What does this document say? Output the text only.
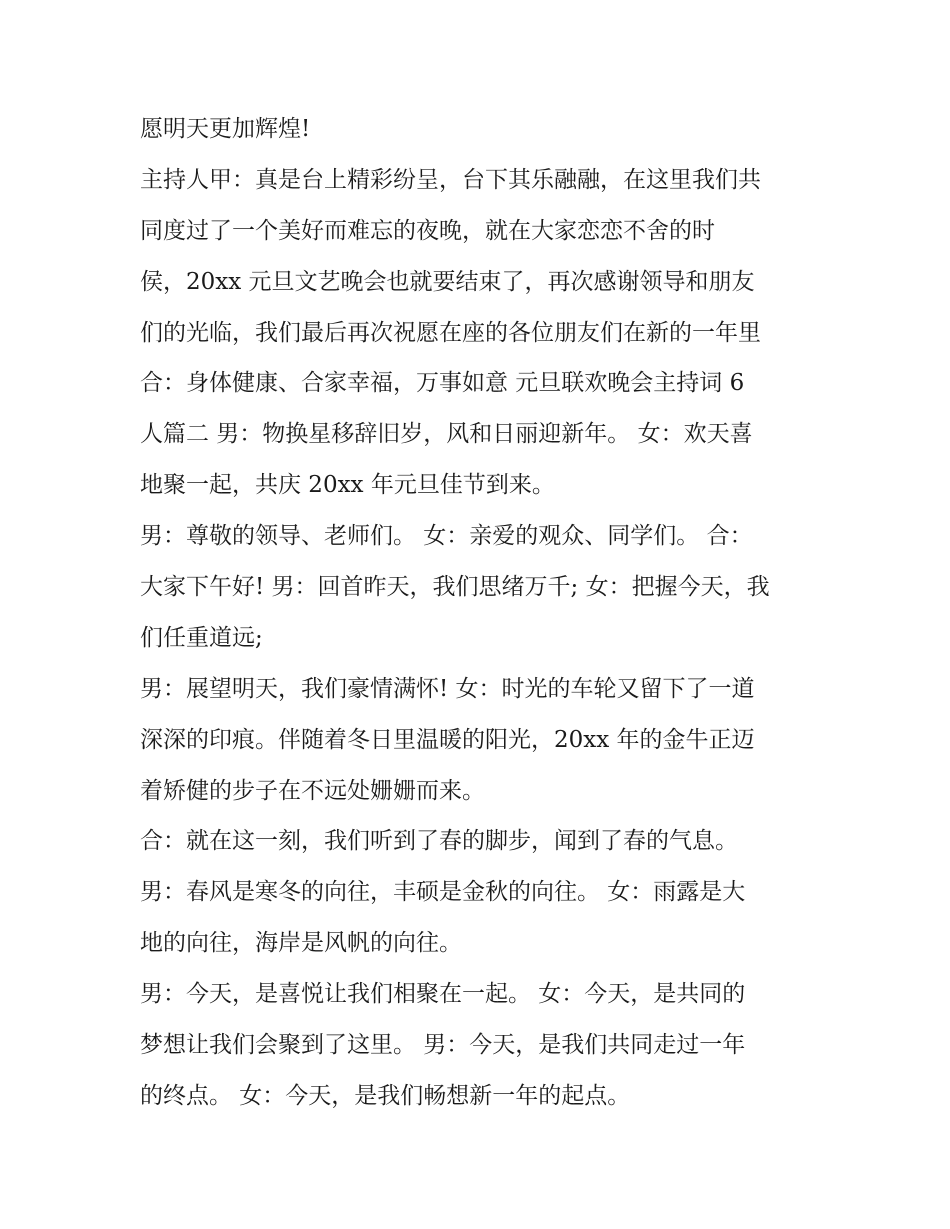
愿明天更加辉煌!
主持人甲：真是台上精彩纷呈，台下其乐融融，在这里我们共
同度过了一个美好而难忘的夜晚，就在大家恋恋不舍的时
侯，20xx 元旦文艺晚会也就要结束了，再次感谢领导和朋友
们的光临，我们最后再次祝愿在座的各位朋友们在新的一年里
合：身体健康、合家幸福，万事如意 元旦联欢晚会主持词 6
人篇二 男：物换星移辞旧岁，风和日丽迎新年。 女：欢天喜
地聚一起，共庆 20xx 年元旦佳节到来。
男：尊敬的领导、老师们。 女：亲爱的观众、同学们。 合：
大家下午好! 男：回首昨天，我们思绪万千; 女：把握今天，我
们任重道远;
男：展望明天，我们豪情满怀! 女：时光的车轮又留下了一道
深深的印痕。伴随着冬日里温暖的阳光，20xx 年的金牛正迈
着矫健的步子在不远处姗姗而来。
合：就在这一刻，我们听到了春的脚步，闻到了春的气息。
男：春风是寒冬的向往，丰硕是金秋的向往。 女：雨露是大
地的向往，海岸是风帆的向往。
男：今天，是喜悦让我们相聚在一起。 女：今天，是共同的
梦想让我们会聚到了这里。 男：今天，是我们共同走过一年
的终点。 女：今天，是我们畅想新一年的起点。
